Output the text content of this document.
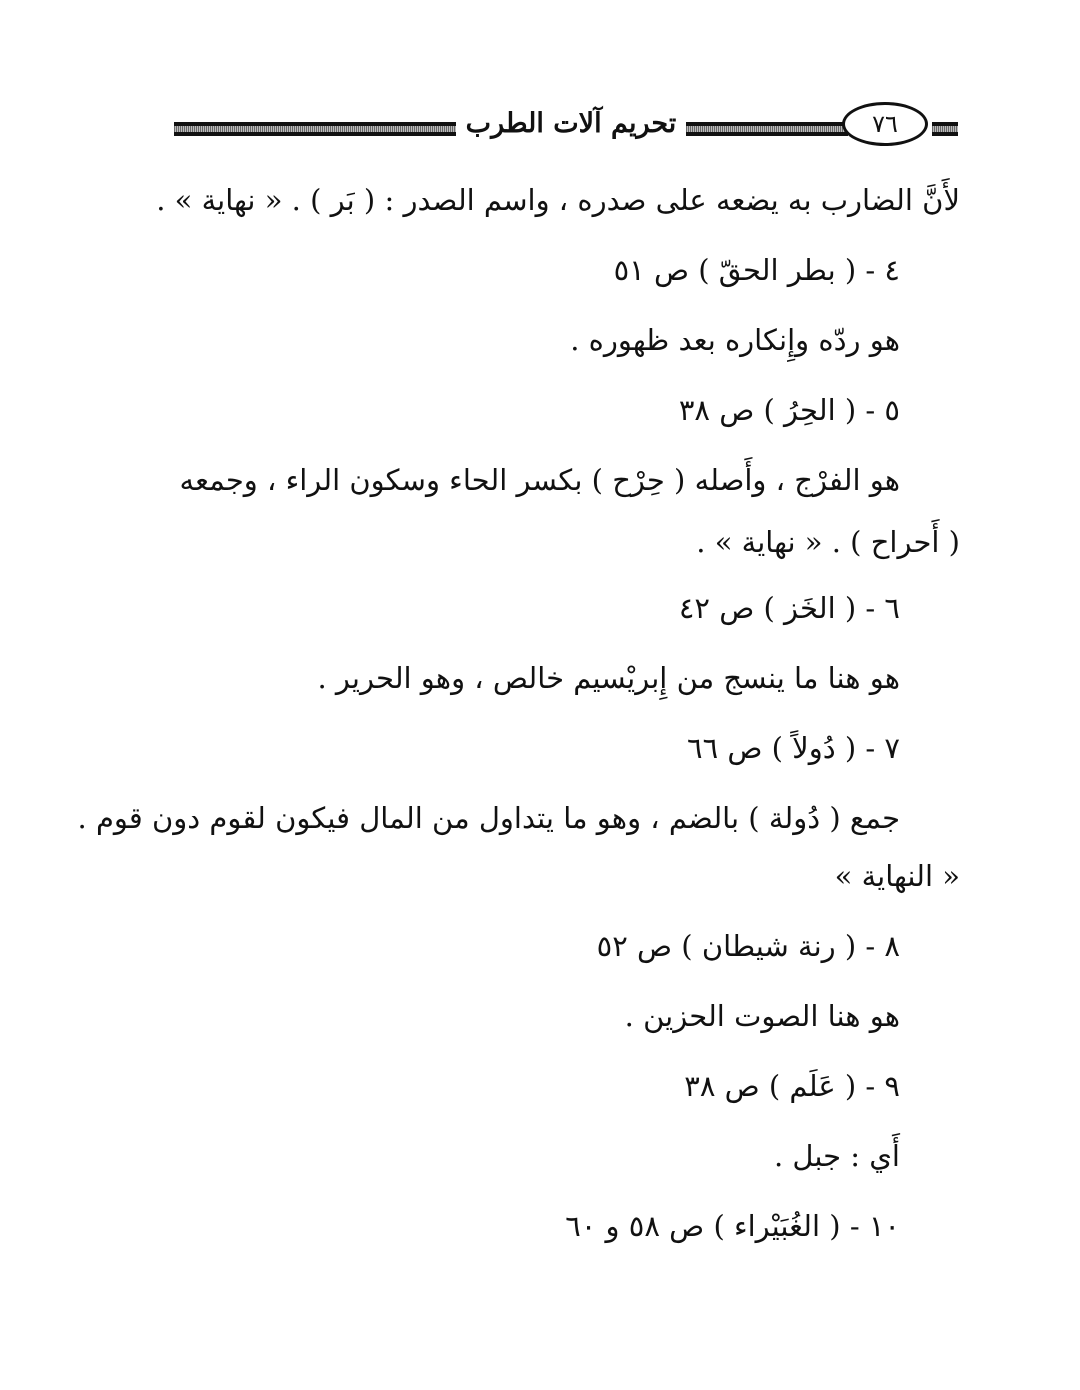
تحريم آلات الطرب	٧٦
لأَنَّ الضارب به يضعه على صدره ، واسم الصدر : ( بَر ) . « نهاية » .
٤ - ( بطر الحقّ ) ص ٥١
هو ردّه وإِنكاره بعد ظهوره .
٥ - ( الحِرُ ) ص ٣٨
هو الفرْج ، وأَصله ( حِرْح ) بكسر الحاء وسكون الراء ، وجمعه
( أَحراح ) . « نهاية » .
٦ - ( الخَز ) ص ٤٢
هو هنا ما ينسج من إِبريْسيم خالص ، وهو الحرير .
٧ - ( دُولاً ) ص ٦٦
جمع ( دُولة ) بالضم ، وهو ما يتداول من المال فيكون لقوم دون قوم .
« النهاية »
٨ - ( رنة شيطان ) ص ٥٢
هو هنا الصوت الحزين .
٩ - ( عَلَم ) ص ٣٨
أَي : جبل .
١٠ - ( الغُبَيْراء ) ص ٥٨ و ٦٠
